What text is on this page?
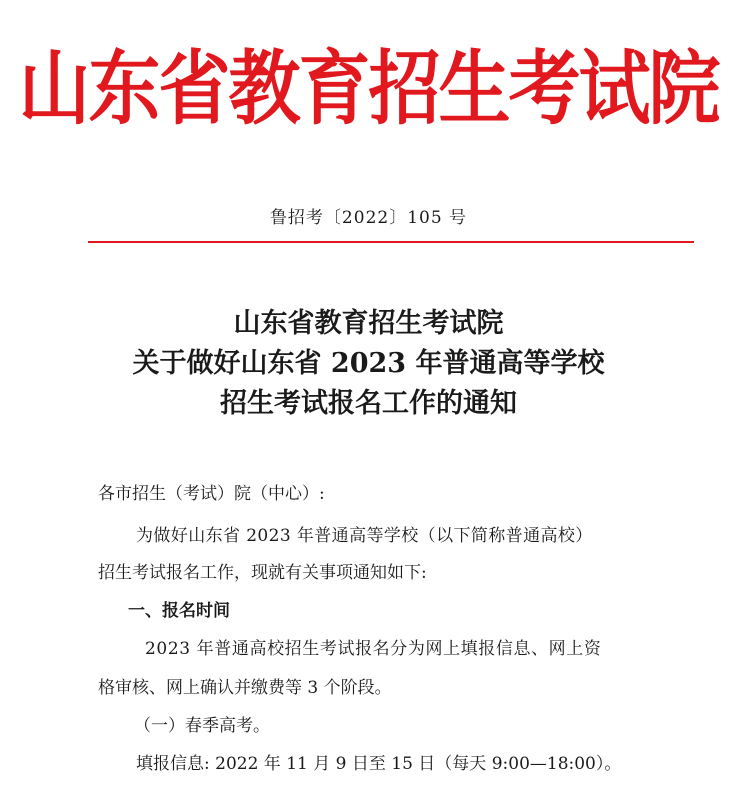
山东省教育招生考试院
鲁招考〔2022〕105 号
山东省教育招生考试院
关于做好山东省 2023 年普通高等学校
招生考试报名工作的通知
各市招生（考试）院（中心）:
为做好山东省 2023 年普通高等学校（以下简称普通高校）
招生考试报名工作，现就有关事项通知如下:
一、报名时间
2023 年普通高校招生考试报名分为网上填报信息、网上资
格审核、网上确认并缴费等 3 个阶段。
（一）春季高考。
填报信息: 2022 年 11 月 9 日至 15 日（每天 9:00—18:00）。
